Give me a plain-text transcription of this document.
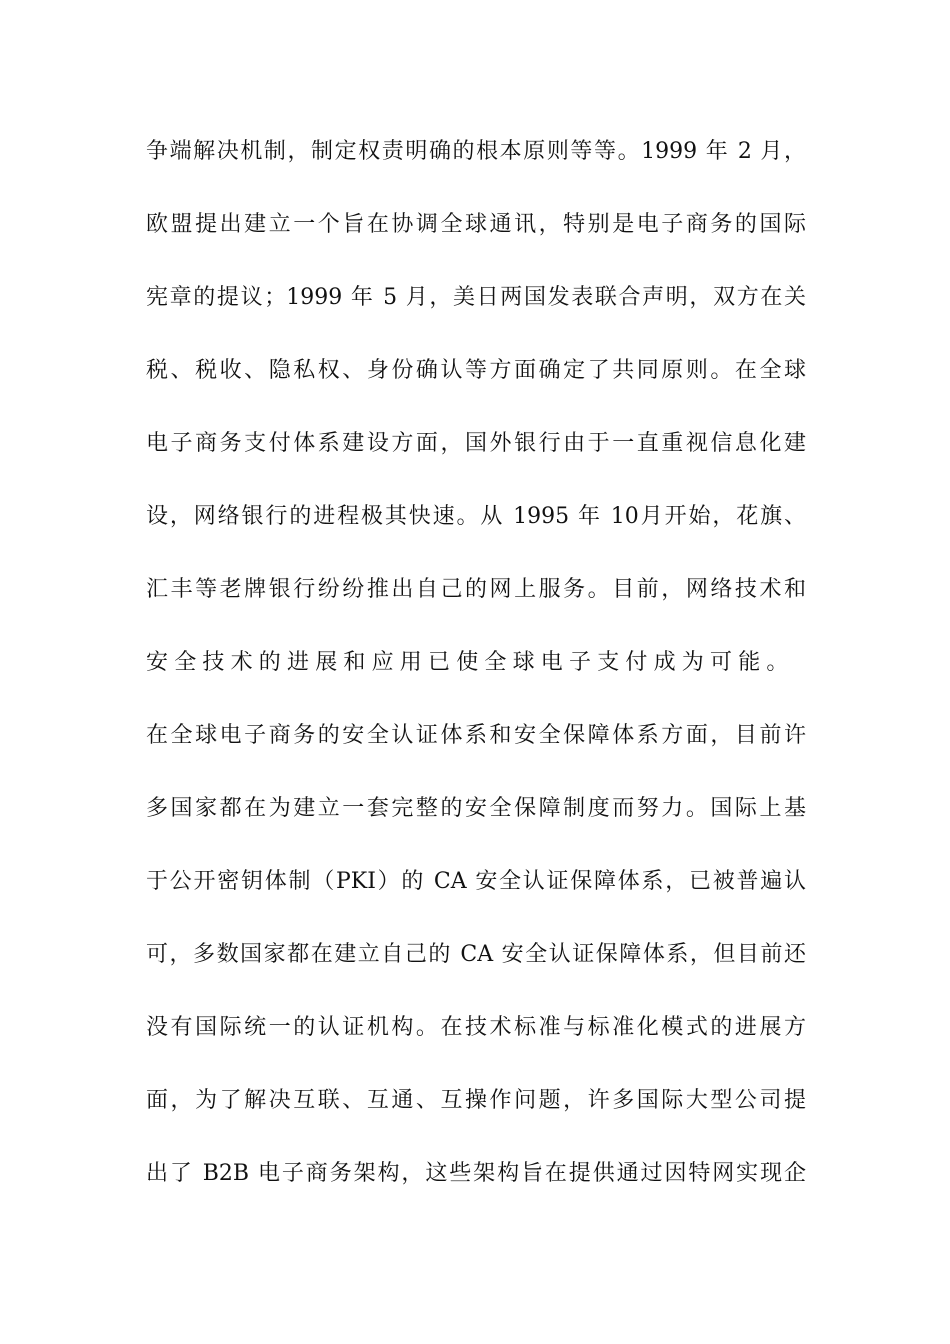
争端解决机制，制定权责明确的根本原则等等。1999 年 2 月，
欧盟提出建立一个旨在协调全球通讯，特别是电子商务的国际
宪章的提议；1999 年 5 月，美日两国发表联合声明，双方在关
税、税收、隐私权、身份确认等方面确定了共同原则。在全球
电子商务支付体系建设方面，国外银行由于一直重视信息化建
设，网络银行的进程极其快速。从 1995 年 10月开始，花旗、
汇丰等老牌银行纷纷推出自己的网上服务。目前，网络技术和
安全技术的进展和应用已使全球电子支付成为可能。
在全球电子商务的安全认证体系和安全保障体系方面，目前许
多国家都在为建立一套完整的安全保障制度而努力。国际上基
于公开密钥体制（PKI）的 CA 安全认证保障体系，已被普遍认
可，多数国家都在建立自己的 CA 安全认证保障体系，但目前还
没有国际统一的认证机构。在技术标准与标准化模式的进展方
面，为了解决互联、互通、互操作问题，许多国际大型公司提
出了 B2B 电子商务架构，这些架构旨在提供通过因特网实现企
